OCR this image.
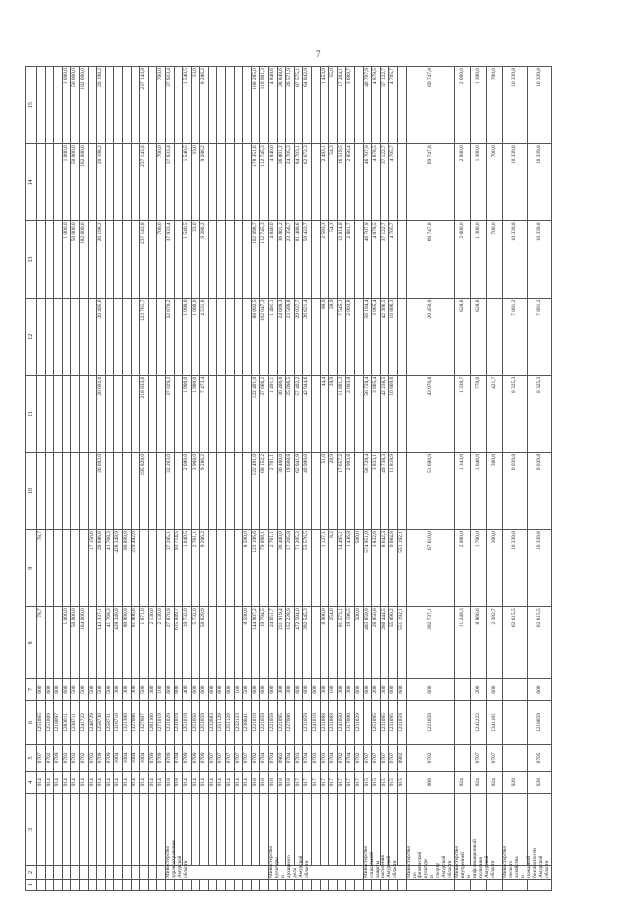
7
1	2	3	4	5	6	7	8	9	10	11	12	13	14	15
			914	0707	1251005	600	78,7	78,7						
			914	0702	1251009	600								
			914	0709	1218097	600								
			914	0702	1283011	600	1 000,0					1 000,0	1 000,0	1 000,0
			914	0702	1238711	500	50 000,0					50 000,0	50 000,0	50 000,0
			914	0702	1241722	500	164 000,0					182 000,0	182 000,0	182 000,0
			914	0702	1248729	500		17 156,6						
			914	0709	1258730	500	143 337,1	20 686,8	20 692,0	20 692,0	20 495,0	20 198,2	20 198,2	20 198,2
			914	0709	1258731	500	41 768,3	41 768,3						
			914	1004	1316716	300	428 349,9	428 349,9						
			914	1004	1321300	300	89 899,9	89 899,9						
			914	1004	1327006	300	81 806,6	219 482,0						
			914	1004	1327007	500	1 071,0		195 828,0	218 833,6	123 761,7	237 143,8	237 143,8	237 143,8
			914	0709	1261160	300	2 130,0							
			914	0709	1271019	100	2 130,0					700,0	700,0	700,0
	Министерство здравоохранения Амурской области		918	0709	1231029	600	27 870,9	37 285,1	32 203,0	37 029,2	32 070,2	37 933,4	37 933,4	37 933,4
			918	0704	1231019	600	615 849,7	93 714,5						
			914	0709	1251019	400	19 732,0	1 049,5	2 080,0	1 990,0	1 990,0	1 540,5	1 540,5	1 540,5
			914	0709	1251050	600	5 732,0	2 761,1	3 960,0	1 990,0	1 990,0	33,0	33,0	33,0
			914	0709	1251059	600	58 629,9	9 286,2	9 286,2	7 473,4	4 531,6	9 286,2	9 286,2	9 286,2
			914	0707	1232083	600								
			914	0707	1251129	600								
			914	0707	1251129	600								
			914	0707	1232123	100								
			914	0707	1238041	500	8 590,0	8 590,0						
			918	0702	1221019	600	144 907,2	123 196,6	122 491,0	122 401,0	88 892,5	102 098,7	178 351,6	108 265,0
			918	0704	1221059	600	19 794,5	79 098,1	68 152,2	37 666,2	102 047,3	112 745,3	112 745,3	118 981,3
	Министерство культуры и архивного дела Амурской области		918	0704	1221059	600	24 051,7	2 761,1	2 761,1	1 491,1	1 491,1	4 840,0	4 840,0	4 848,6
			918	0902	1221095	300	231 919,4	30 400,0	30 400,0	30 400,0	24 609,3	36 801,2	36 801,2	38 848,6
			918	0704	1227006	300	152 228,9	17 205,8	19 608,8	25 096,5	23 569,8	23 356,7	24 705,3	26 571,9
			917	0703		600	472 594,0	71 205,3	62 941,9	57 402,2	29 037,7	81 488,6	84 703,1	87 575,1
			917	0704	1231059	600	392 545,3	53 576,5	49 900,0	42 944,6	26 621,4	59 422,7	62 072,3	64 842,8
			917	0703	1241019	600								
			917	0703	1231068	300	8 906,0	1 127,1	51,0	44,4	89,9	2 593,3	2 493,1	1 453,9
			917	0704	1231069	100	254,0	8,2	28,9	28,9	28,9	54,3	54,3	55,0
			917	0702	1241050	300	91 573,1	14 495,1	17 657,2	11 891,3	7 545,1	12 814,8	16 519,5	17 204,1
			917	0704	1317006	300	19 196,5	1 436,8	2 993,8	2 993,8	2 993,8	2 881,7	2 856,4	3 669,7
			917	0702	1231029	600	500,0	500,0						
	Министерство социальной защиты населения Амурской области		915	0707		600	483 859,9	574 951,0	56 728,4	56 728,4	56 194,4	46 707,9	46 707,9	46 707,9
			915	0707	1251095	200	28 850,8	3 832,6	3 833,1	3 805,4	3 065,4	4 878,5	4 878,5	4 878,5
			915	0707	1231095	300	266 444,5	8 042,3	49 738,3	42 238,5	42 306,5	37 122,7	37 122,7	37 122,7
			915	0707	1231095	600	55 890,2	9 084,8	11 818,9	10 809,6	10 806,3	4 705,7	4 705,7	4 705,7
			915	0902	1231059	600	551 192,1	551 192,1						
	Министерство по физической культуре и спорту Амурской области		908	0702	1221059	600	392 737,1	67 610,0	51 680,9	43 970,8	20 450,0	69 747,8	69 747,8	69 747,8
	Министерство внутренней и информационной политики Амурской области		924				11 249,3	2 000,0	1 343,0	1 339,7	628,6	2 000,0	2 000,0	2 000,0
			924	0707	1241222	200	8 866,6	1 700,0	1 046,0	770,0	628,6	1 300,0	1 300,0	1 300,0
			924	0707	1341181	600	2 382,7	300,0	300,0	421,7		700,0	700,0	700,0
	Министерство лесного хозяйства и пожарной безопасности Амурской области		928				62 615,5	10 339,8	9 039,8	8 325,3	7 891,2	10 339,8	10 339,8	10 339,8
			928	0705	1218059	600	62 615,5	10 339,8	9 039,8	8 325,3	7 891,2	10 339,8	10 339,8	10 339,8
